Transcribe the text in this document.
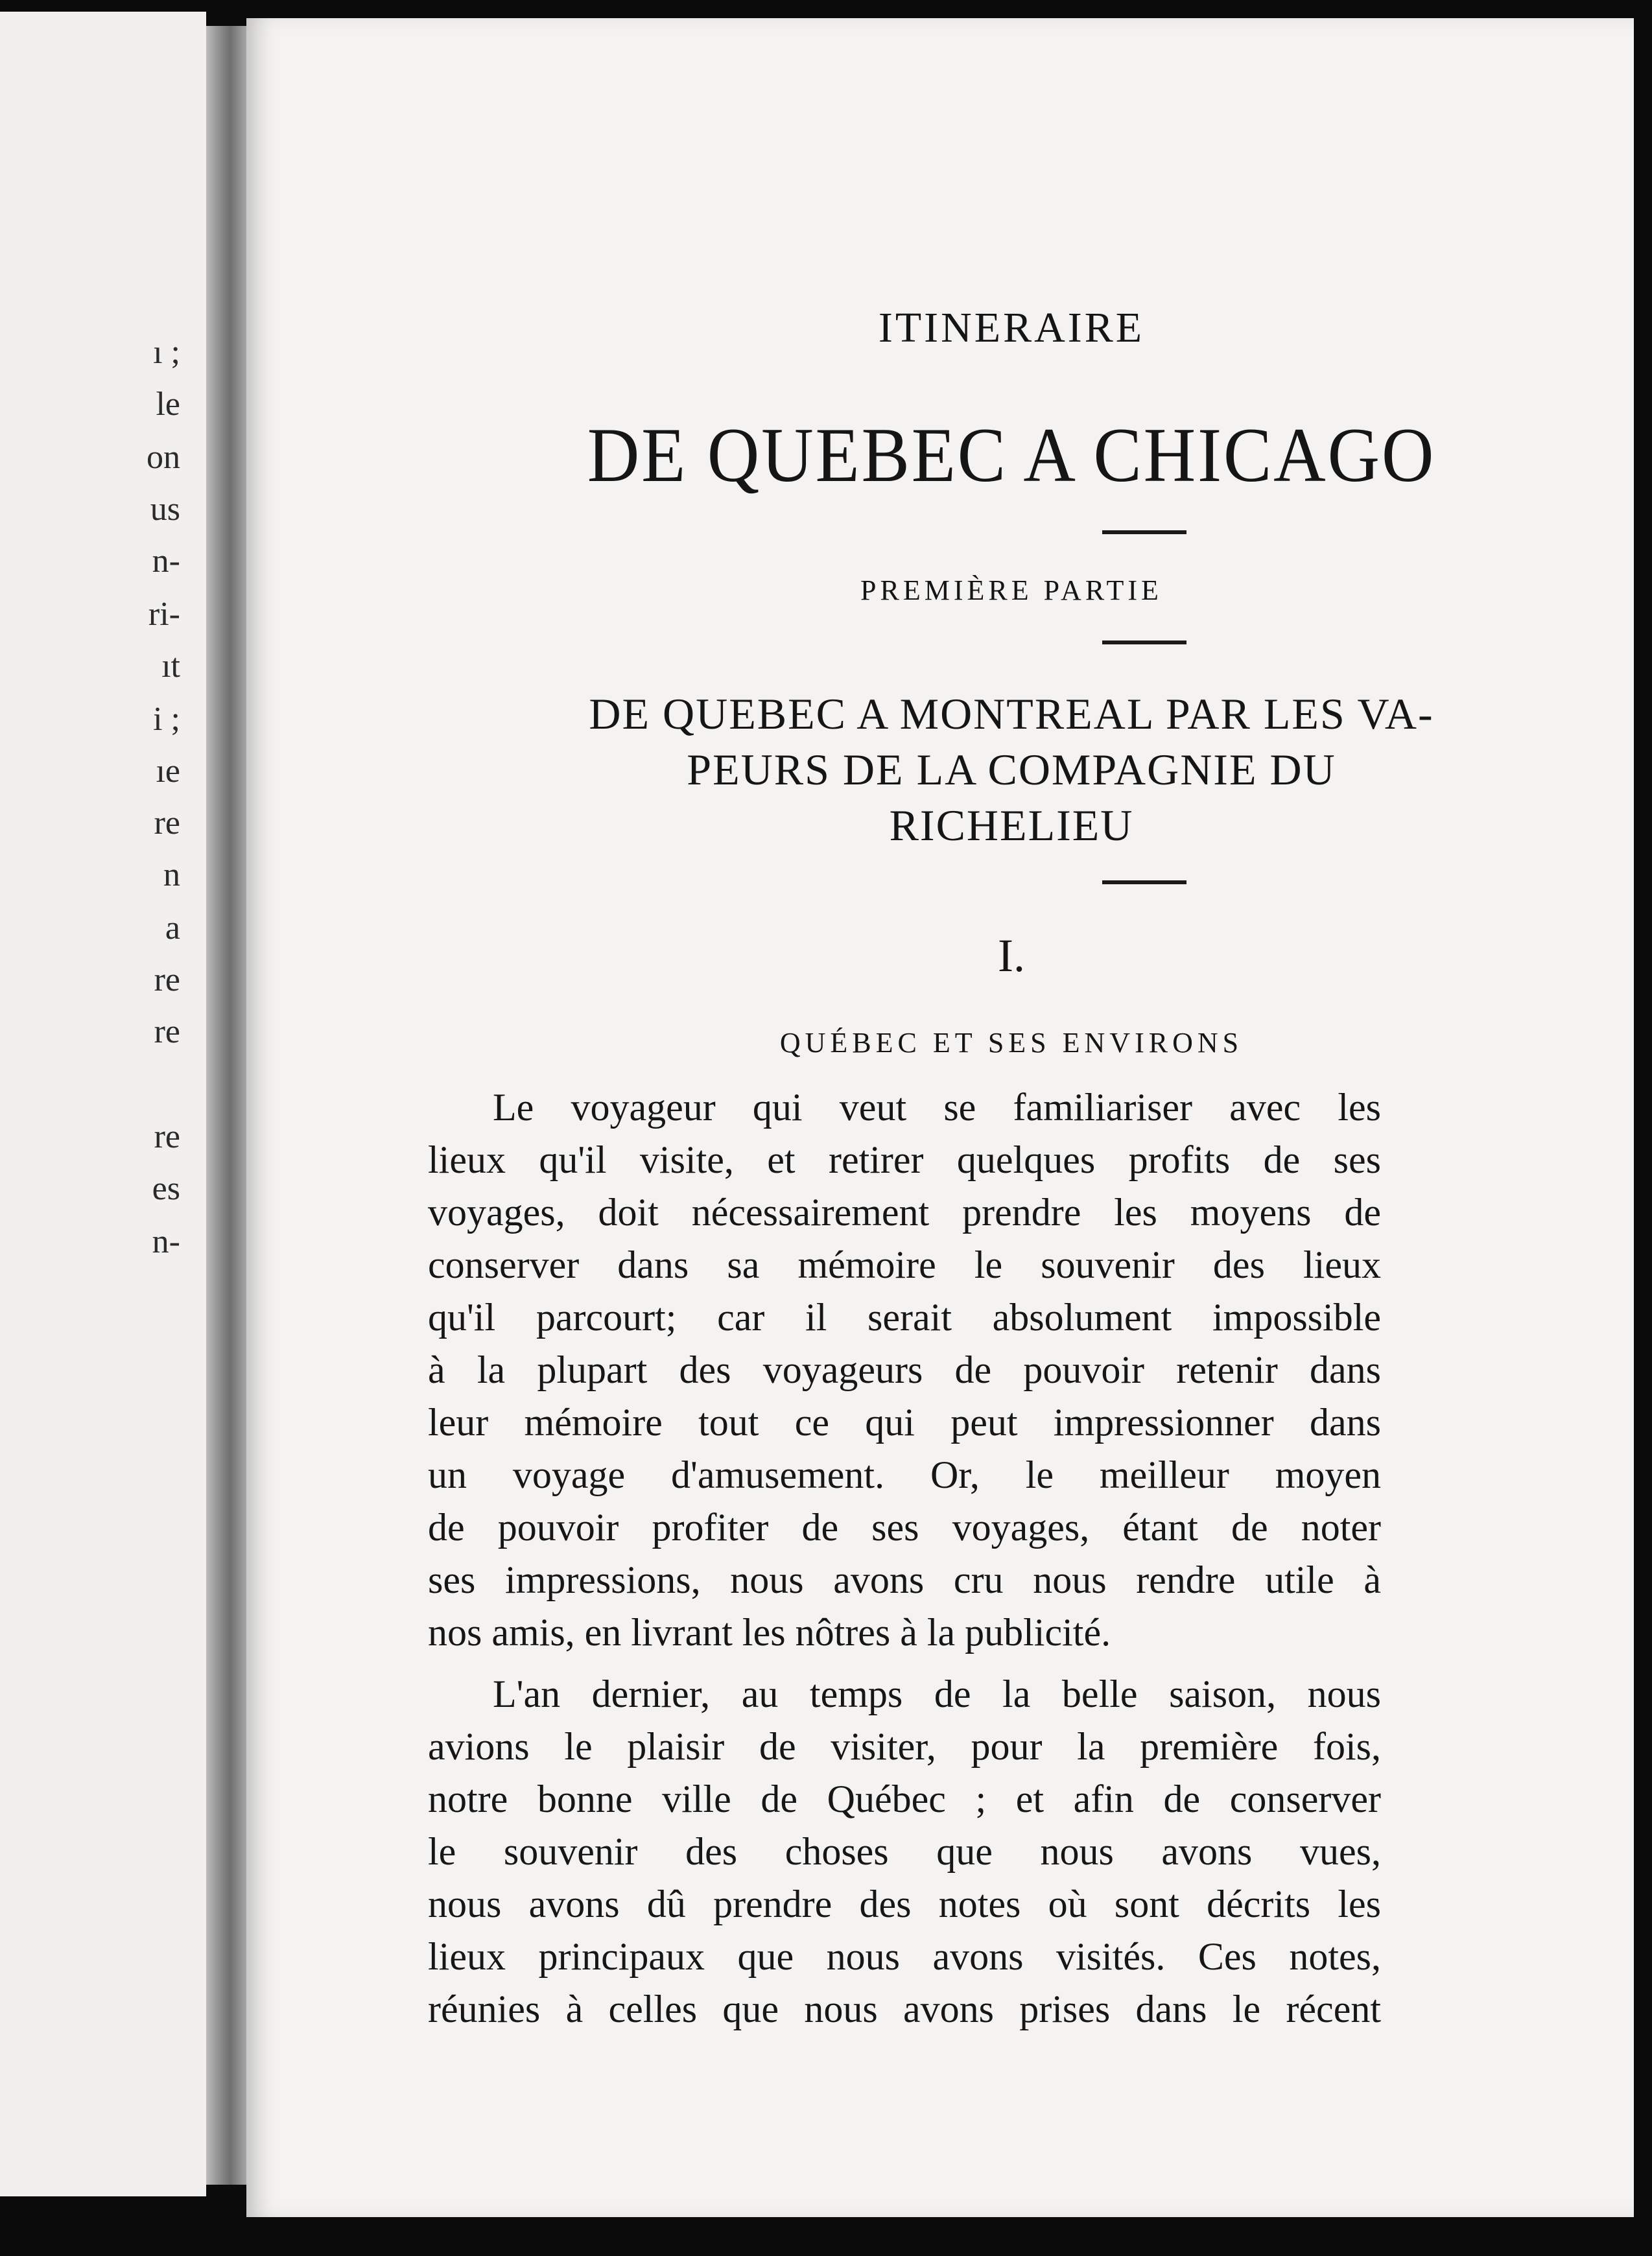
ı ;
le
on
us
n-
ri-
ıt
i ;
ıe
re
n
a
re
re
re
es
n-
ITINERAIRE
DE QUEBEC A CHICAGO
PREMIÈRE PARTIE
DE QUEBEC A MONTREAL PAR LES VA-
PEURS DE LA COMPAGNIE DU
RICHELIEU
I.
QUÉBEC ET SES ENVIRONS
Le voyageur qui veut se familiariser avec les
lieux qu'il visite, et retirer quelques profits de ses
voyages, doit nécessairement prendre les moyens de
conserver dans sa mémoire le souvenir des lieux
qu'il parcourt; car il serait absolument impossible
à la plupart des voyageurs de pouvoir retenir dans
leur mémoire tout ce qui peut impressionner dans
un voyage d'amusement. Or, le meilleur moyen
de pouvoir profiter de ses voyages, étant de noter
ses impressions, nous avons cru nous rendre utile à
nos amis, en livrant les nôtres à la publicité.
L'an dernier, au temps de la belle saison, nous
avions le plaisir de visiter, pour la première fois,
notre bonne ville de Québec ; et afin de conserver
le souvenir des choses que nous avons vues,
nous avons dû prendre des notes où sont décrits les
lieux principaux que nous avons visités. Ces notes,
réunies à celles que nous avons prises dans le récent
